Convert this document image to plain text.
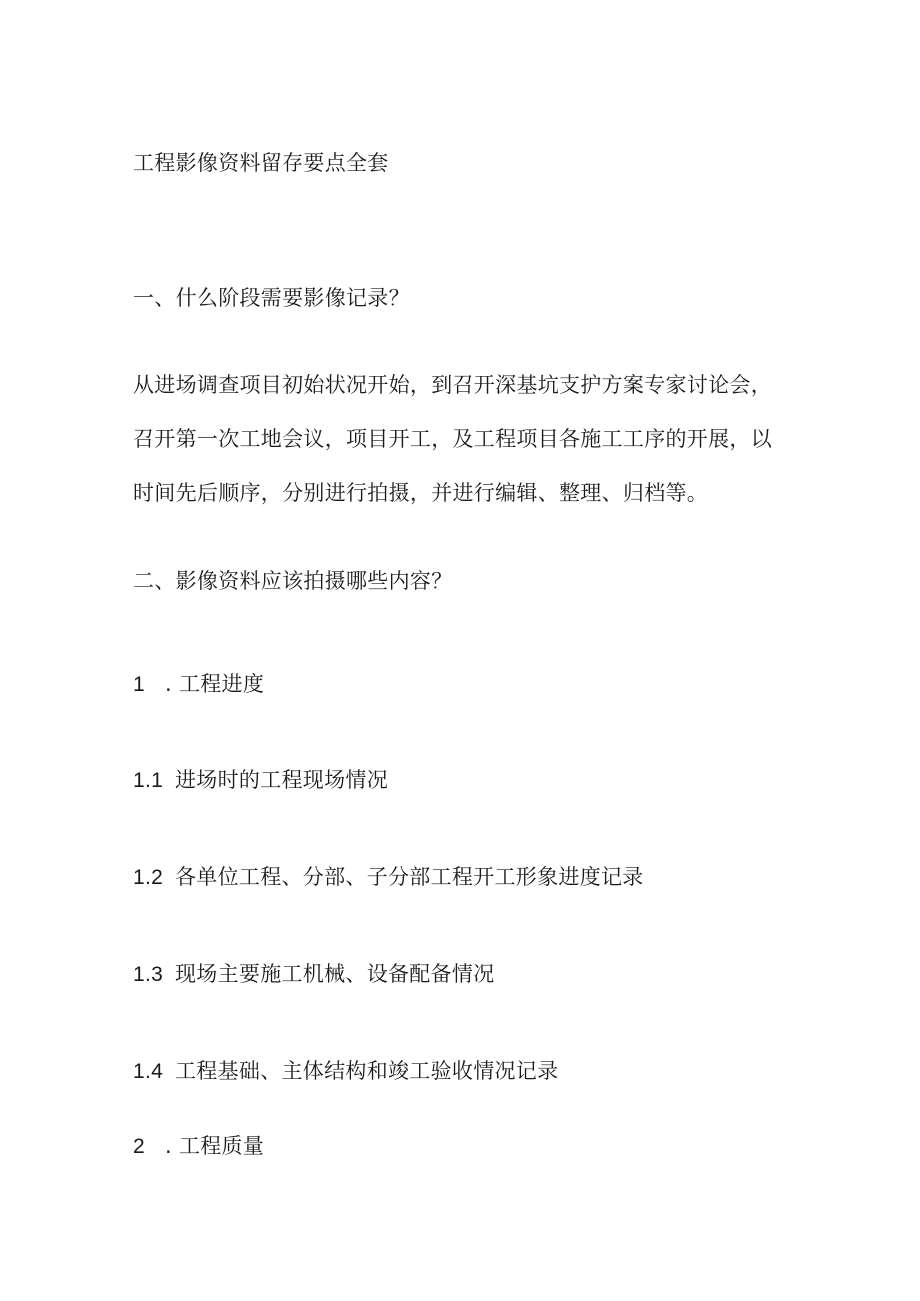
工程影像资料留存要点全套

一、什么阶段需要影像记录？

从进场调查项目初始状况开始，到召开深基坑支护方案专家讨论会，
召开第一次工地会议，项目开工，及工程项目各施工工序的开展，以
时间先后顺序，分别进行拍摄，并进行编辑、整理、归档等。

二、影像资料应该拍摄哪些内容？

1 . 工程进度

1.1 进场时的工程现场情况

1.2 各单位工程、分部、子分部工程开工形象进度记录

1.3 现场主要施工机械、设备配备情况

1.4 工程基础、主体结构和竣工验收情况记录

2 . 工程质量
